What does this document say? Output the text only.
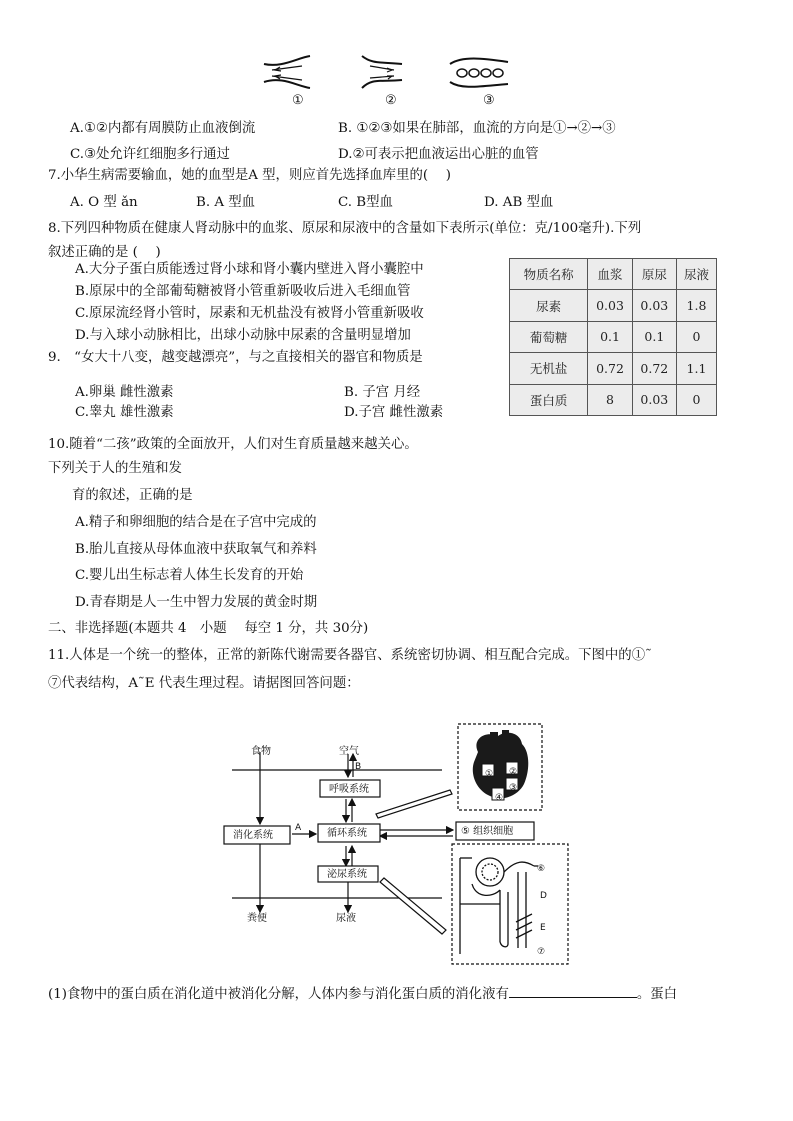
①	②	③
A.①②内都有周膜防止血液倒流	B. ①②③如果在肺部，血流的方向是①→②→③
C.③处允许红细胞多行通过	D.②可表示把血液运出心脏的血管
7.小华生病需要输血，她的血型是A 型，则应首先选择血库里的(　 )
A. O 型 ǎn	B. A 型血	C. B型血	D. AB 型血
8.下列四种物质在健康人肾动脉中的血浆、原尿和尿液中的含量如下表所示(单位：克/100毫升).下列
叙述正确的是 (　 )
A.大分子蛋白质能透过肾小球和肾小囊内壁进入肾小囊腔中
B.原尿中的全部葡萄糖被肾小管重新吸收后进入毛细血管
C.原尿流经肾小管时，尿素和无机盐没有被肾小管重新吸收
D.与入球小动脉相比，出球小动脉中尿素的含量明显增加
物质名称	血浆	原尿	尿液
尿素	0.03	0.03	1.8
葡萄糖	0.1	0.1	0
无机盐	0.72	0.72	1.1
蛋白质	8	0.03	0
9.　“女大十八变，越变越漂亮”，与之直接相关的器官和物质是
A.卵巢 雌性激素	B. 子宫 月经
C.睾丸 雄性激素	D.子宫 雌性激素
10.随着“二孩”政策的全面放开，人们对生育质量越来越关心。
下列关于人的生殖和发
育的叙述，正确的是
A.精子和卵细胞的结合是在子宫中完成的
B.胎儿直接从母体血液中获取氧气和养料
C.婴儿出生标志着人体生长发育的开始
D.青春期是人一生中智力发展的黄金时期
二、非选择题(本题共 4　小题　 每空 1 分，共 30分)
11.人体是一个统一的整体，正常的新陈代谢需要各器官、系统密切协调、相互配合完成。下图中的①˜
⑦代表结构，A˜E 代表生理过程。请据图回答问题：
食物	空气
B
呼吸系统
消化系统
A	循环系统
泌尿系统
⑤ 组织细胞
粪便	尿液
① ②
③
④
⑥
D
E
⑦
(1)食物中的蛋白质在消化道中被消化分解，人体内参与消化蛋白质的消化液有	。蛋白
